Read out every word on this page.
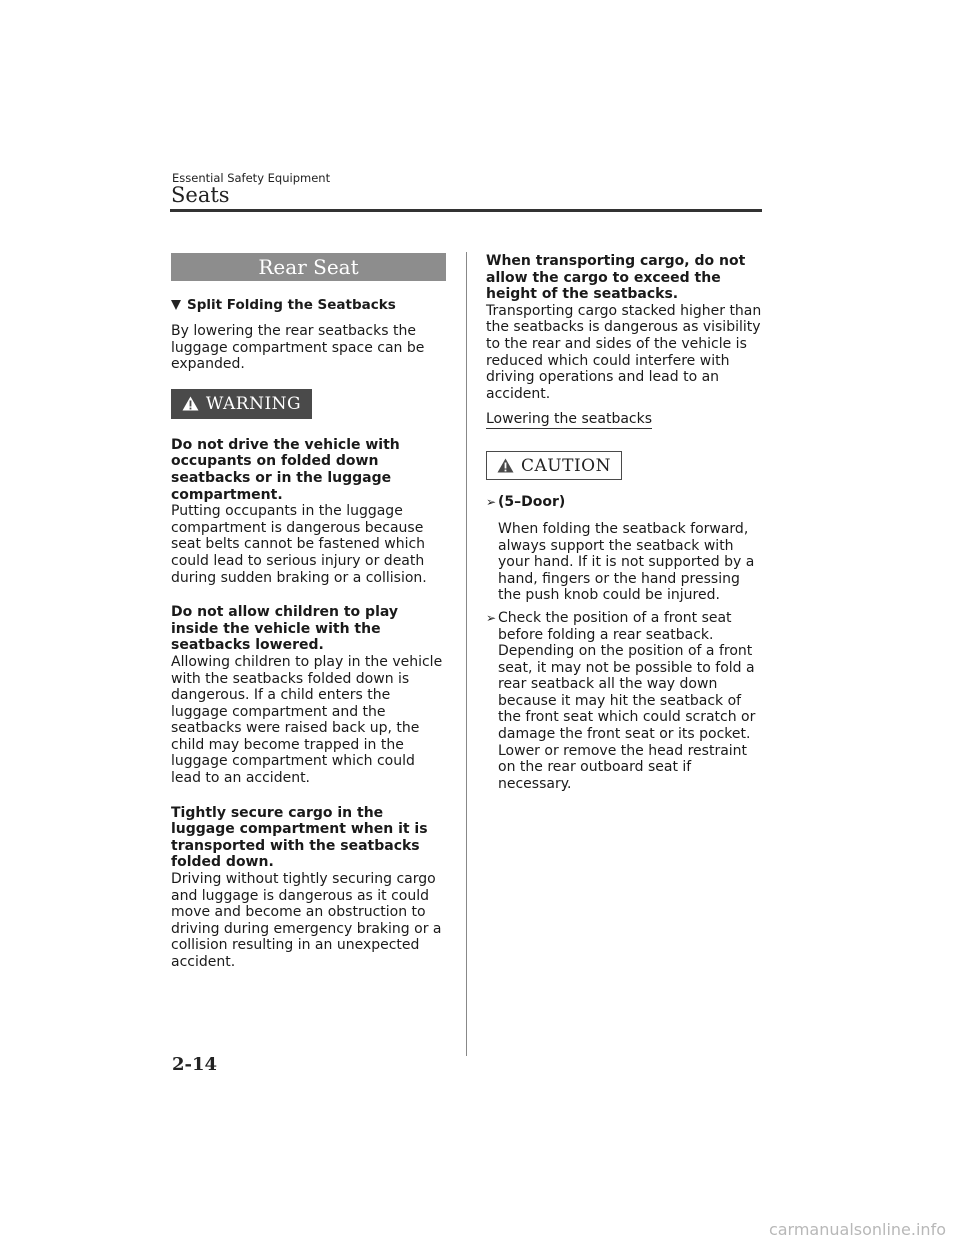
Essential Safety Equipment
Seats
Rear Seat
Split Folding the Seatbacks

By lowering the rear seatbacks the luggage compartment space can be expanded.

WARNING

Do not drive the vehicle with occupants on folded down seatbacks or in the luggage compartment.

Putting occupants in the luggage compartment is dangerous because seat belts cannot be fastened which could lead to serious injury or death during sudden braking or a collision.

Do not allow children to play inside the vehicle with the seatbacks lowered.

Allowing children to play in the vehicle with the seatbacks folded down is dangerous. If a child enters the luggage compartment and the seatbacks were raised back up, the child may become trapped in the luggage compartment which could lead to an accident.

Tightly secure cargo in the luggage compartment when it is transported with the seatbacks folded down.

Driving without tightly securing cargo and luggage is dangerous as it could move and become an obstruction to driving during emergency braking or a collision resulting in an unexpected accident.

When transporting cargo, do not allow the cargo to exceed the height of the seatbacks.

Transporting cargo stacked higher than the seatbacks is dangerous as visibility to the rear and sides of the vehicle is reduced which could interfere with driving operations and lead to an accident.

Lowering the seatbacks
CAUTION
➢ (5–Door)

When folding the seatback forward, always support the seatback with your hand. If it is not supported by a hand, fingers or the hand pressing the push knob could be injured.

➢ Check the position of a front seat before folding a rear seatback. Depending on the position of a front seat, it may not be possible to fold a rear seatback all the way down because it may hit the seatback of the front seat which could scratch or damage the front seat or its pocket. Lower or remove the head restraint on the rear outboard seat if necessary.

2-14
carmanualsonline.info
